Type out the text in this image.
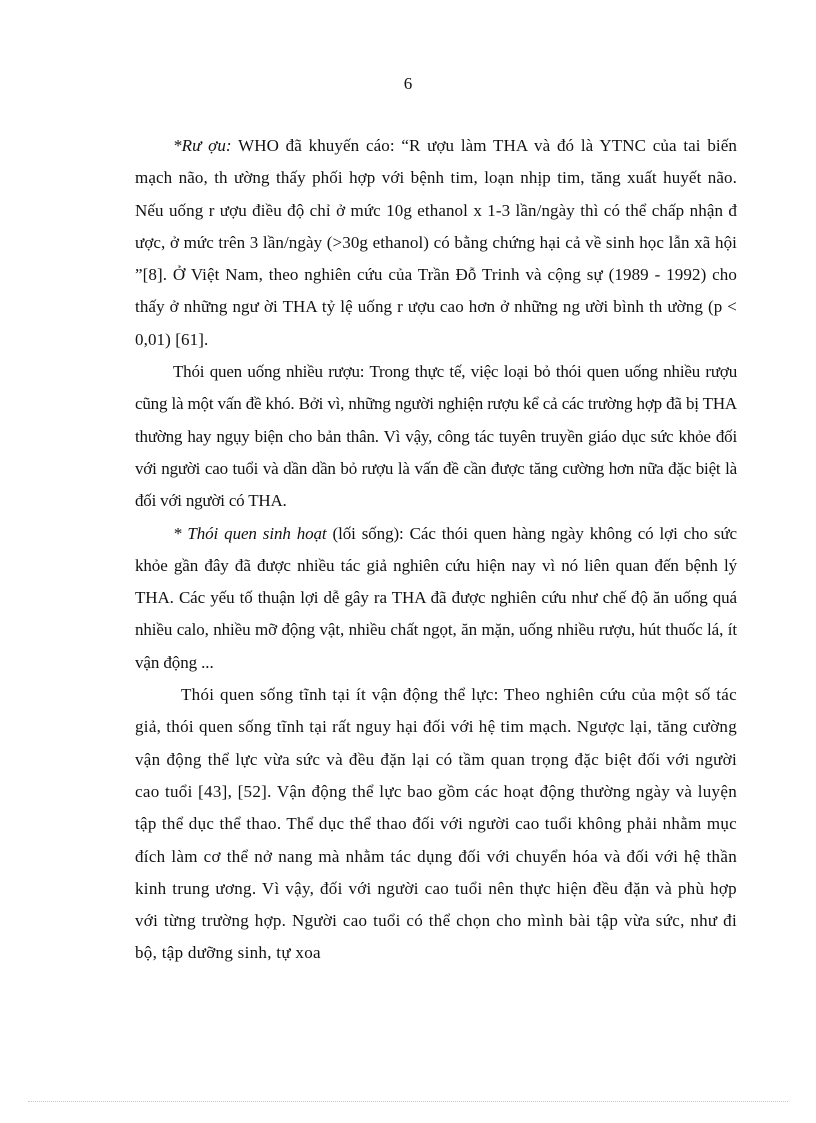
6

*Rư ợu: WHO đã khuyến cáo: “R ượu làm THA và đó là YTNC của tai biến mạch não, th ường thấy phối hợp với bệnh tim, loạn nhịp tim, tăng xuất huyết não. Nếu uống r ượu điều độ chỉ ở mức 10g ethanol x 1-3 lần/ngày thì có thể chấp nhận đ ược, ở mức trên 3 lần/ngày (>30g ethanol) có bằng chứng hại cả về sinh học lẫn xã hội ”[8]. Ở Việt Nam, theo nghiên cứu của Trần Đỗ Trinh và cộng sự (1989 - 1992) cho thấy ở những ngư ời THA tỷ lệ uống r ượu cao hơn ở những ng ười bình th ường (p < 0,01) [61].

Thói quen uống nhiều rượu: Trong thực tế, việc loại bỏ thói quen uống nhiều rượu cũng là một vấn đề khó. Bởi vì, những người nghiện rượu kể cả các trường hợp đã bị THA thường hay ngụy biện cho bản thân. Vì vậy, công tác tuyên truyền giáo dục sức khỏe đối với người cao tuổi và dần dần bỏ rượu là vấn đề cần được tăng cường hơn nữa đặc biệt là đối với người có THA.

* Thói quen sinh hoạt (lối sống): Các thói quen hàng ngày không có lợi cho sức khỏe gần đây đã được nhiều tác giả nghiên cứu hiện nay vì nó liên quan đến bệnh lý THA. Các yếu tố thuận lợi dễ gây ra THA đã được nghiên cứu như chế độ ăn uống quá nhiều calo, nhiều mỡ động vật, nhiều chất ngọt, ăn mặn, uống nhiều rượu, hút thuốc lá, ít vận động ...

Thói quen sống tĩnh tại ít vận động thể lực: Theo nghiên cứu của một số tác giả, thói quen sống tĩnh tại rất nguy hại đối với hệ tim mạch. Ngược lại, tăng cường vận động thể lực vừa sức và đều đặn lại có tầm quan trọng đặc biệt đối với người cao tuổi [43], [52]. Vận động thể lực bao gồm các hoạt động thường ngày và luyện tập thể dục thể thao. Thể dục thể thao đối với người cao tuổi không phải nhằm mục đích làm cơ thể nở nang mà nhằm tác dụng đối với chuyển hóa và đối với hệ thần kinh trung ương. Vì vậy, đối với người cao tuổi nên thực hiện đều đặn và phù hợp với từng trường hợp. Người cao tuổi có thể chọn cho mình bài tập vừa sức, như đi bộ, tập dưỡng sinh, tự xoa
